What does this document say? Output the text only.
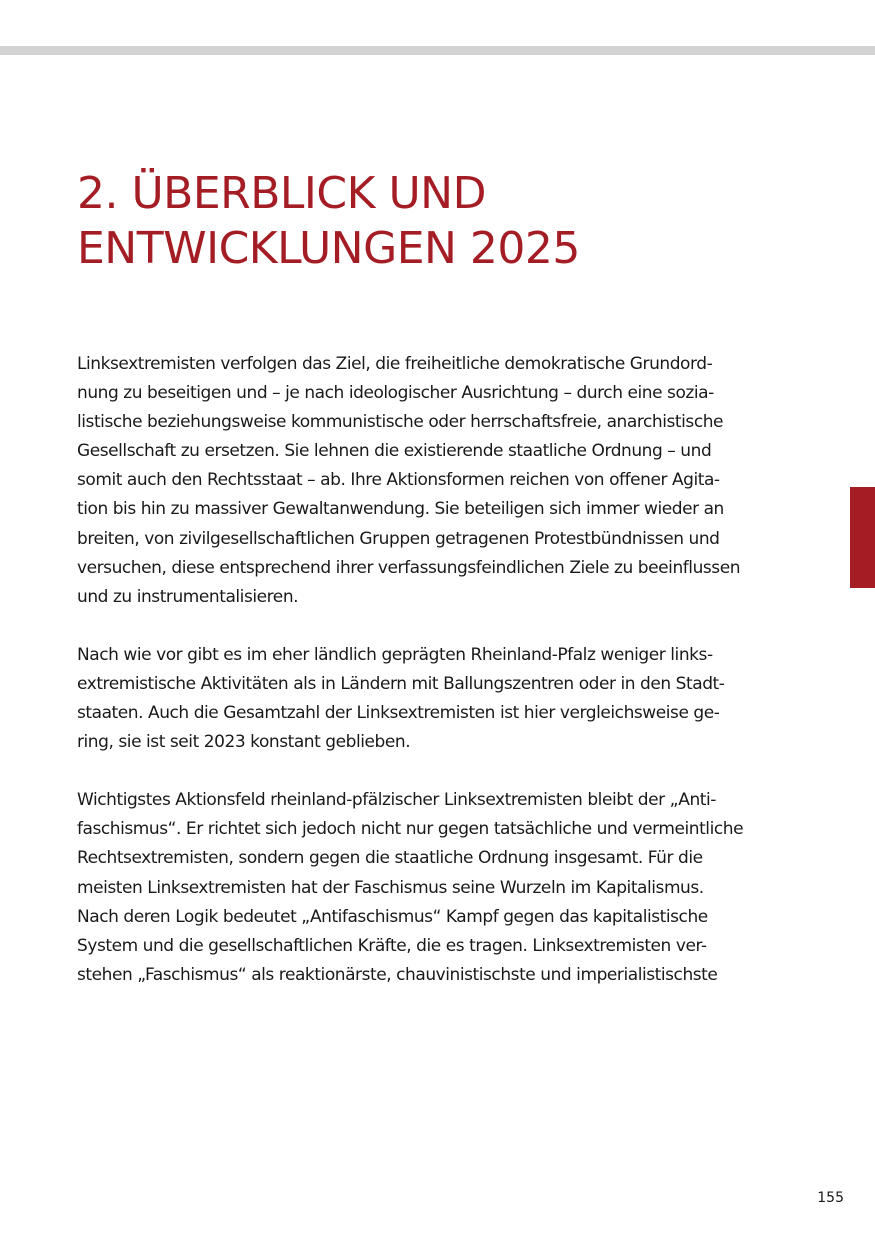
2. ÜBERBLICK UND
ENTWICKLUNGEN 2025

Linksextremisten verfolgen das Ziel, die freiheitliche demokratische Grundord-
nung zu beseitigen und – je nach ideologischer Ausrichtung – durch eine sozia-
listische beziehungsweise kommunistische oder herrschaftsfreie, anarchistische
Gesellschaft zu ersetzen. Sie lehnen die existierende staatliche Ordnung – und
somit auch den Rechtsstaat – ab. Ihre Aktionsformen reichen von offener Agita-
tion bis hin zu massiver Gewaltanwendung. Sie beteiligen sich immer wieder an
breiten, von zivilgesellschaftlichen Gruppen getragenen Protestbündnissen und
versuchen, diese entsprechend ihrer verfassungsfeindlichen Ziele zu beeinflussen
und zu instrumentalisieren.

Nach wie vor gibt es im eher ländlich geprägten Rheinland-Pfalz weniger links-
extremistische Aktivitäten als in Ländern mit Ballungszentren oder in den Stadt-
staaten. Auch die Gesamtzahl der Linksextremisten ist hier vergleichsweise ge-
ring, sie ist seit 2023 konstant geblieben.

Wichtigstes Aktionsfeld rheinland-pfälzischer Linksextremisten bleibt der „Anti-
faschismus“. Er richtet sich jedoch nicht nur gegen tatsächliche und vermeintliche
Rechtsextremisten, sondern gegen die staatliche Ordnung insgesamt. Für die
meisten Linksextremisten hat der Faschismus seine Wurzeln im Kapitalismus.
Nach deren Logik bedeutet „Antifaschismus“ Kampf gegen das kapitalistische
System und die gesellschaftlichen Kräfte, die es tragen. Linksextremisten ver-
stehen „Faschismus“ als reaktionärste, chauvinistischste und imperialistischste

155
